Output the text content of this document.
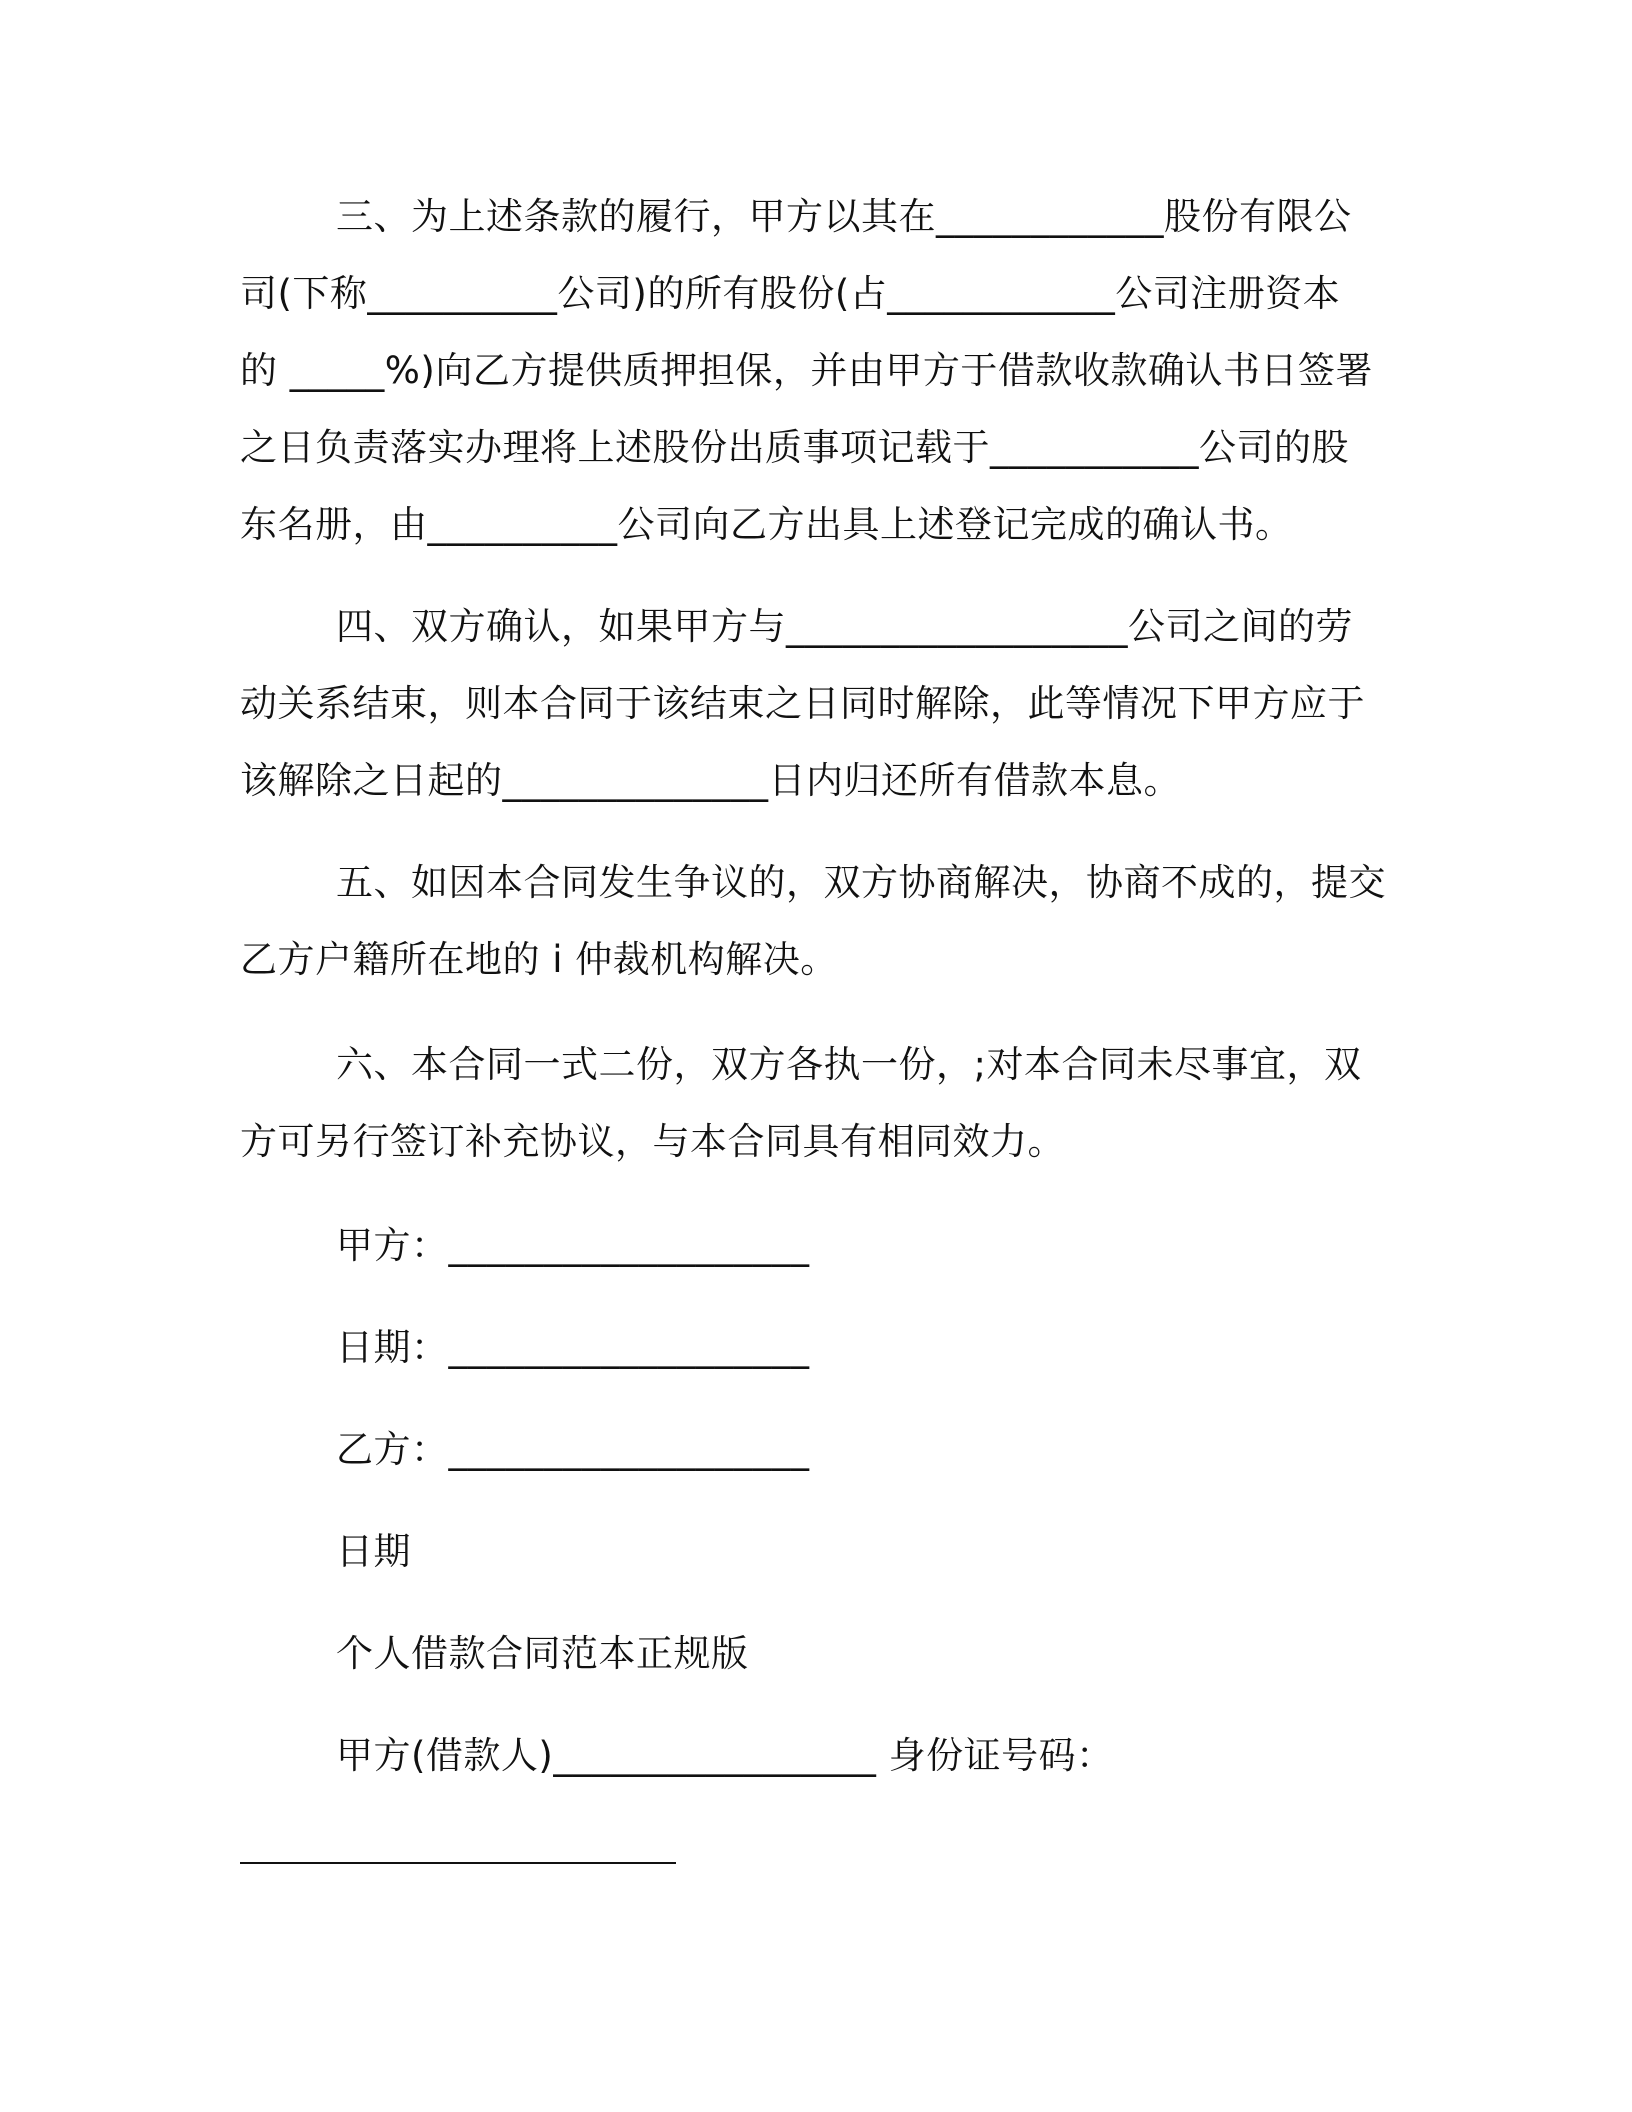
三、为上述条款的履行，甲方以其在____________股份有限公
司(下称__________公司)的所有股份(占____________公司注册资本
的 _____%)向乙方提供质押担保，并由甲方于借款收款确认书日签署
之日负责落实办理将上述股份出质事项记载于___________公司的股
东名册，由__________公司向乙方出具上述登记完成的确认书。
四、双方确认，如果甲方与__________________公司之间的劳
动关系结束，则本合同于该结束之日同时解除，此等情况下甲方应于
该解除之日起的______________日内归还所有借款本息。
五、如因本合同发生争议的，双方协商解决，协商不成的，提交
乙方户籍所在地的 i 仲裁机构解决。
六、本合同一式二份，双方各执一份，;对本合同未尽事宜，双
方可另行签订补充协议，与本合同具有相同效力。
甲方：___________________
日期：___________________
乙方：___________________
日期
个人借款合同范本正规版
甲方(借款人)_________________ 身份证号码：
